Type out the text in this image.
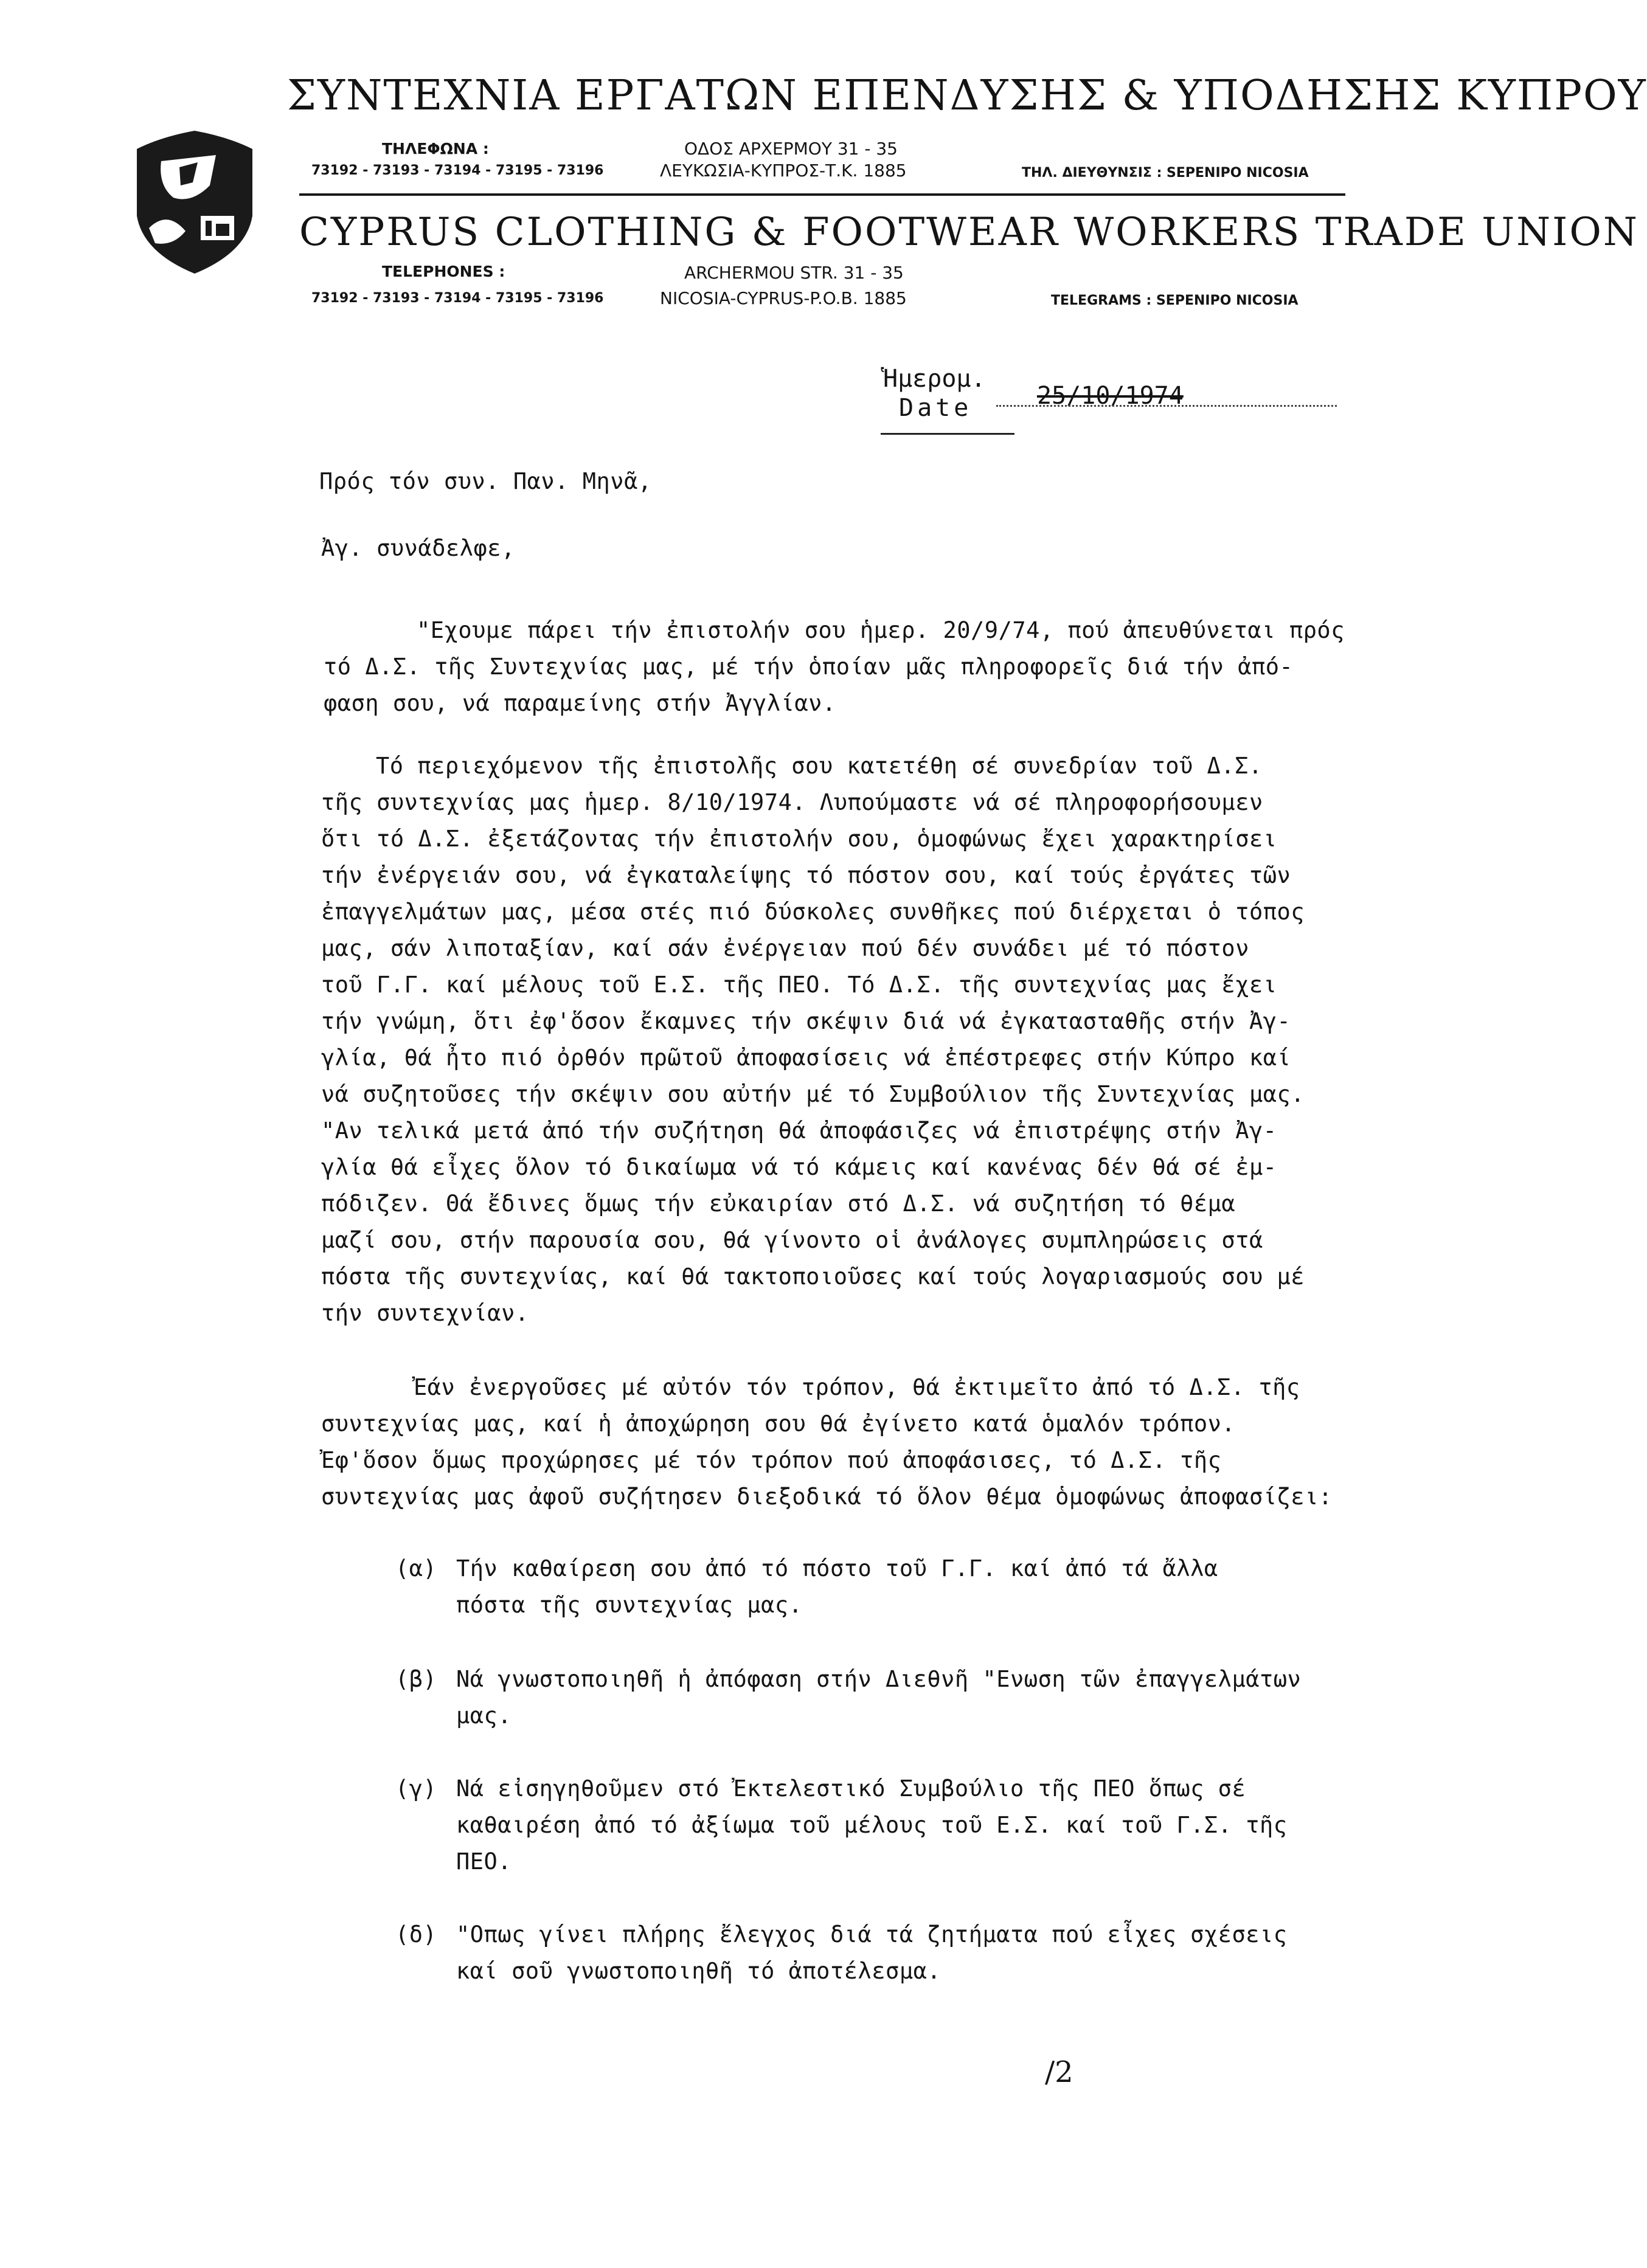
ΣΥΝΤΕΧΝΙΑ ΕΡΓΑΤΩΝ ΕΠΕΝΔΥΣΗΣ & ΥΠΟΔΗΣΗΣ ΚΥΠΡΟΥ
ΤΗΛΕΦΩΝΑ :
73192 - 73193 - 73194 - 73195 - 73196
ΟΔΟΣ ΑΡΧΕΡΜΟΥ 31 - 35
ΛΕΥΚΩΣΙΑ-ΚΥΠΡΟΣ-Τ.Κ. 1885	ΤΗΛ. ΔΙΕΥΘΥΝΣΙΣ : SEPENIPO NICOSIA
CYPRUS CLOTHING & FOOTWEAR WORKERS TRADE UNION
TELEPHONES :
73192 - 73193 - 73194 - 73195 - 73196
ARCHERMOU STR. 31 - 35
NICOSIA-CYPRUS-P.O.B. 1885	TELEGRAMS : SEPENIPO NICOSIA
Ἡμερομ.
Date	25/10/1974
Πρός τόν συν. Παν. Μηνᾶ,
Ἀγ. συνάδελφε,
"Εχουμε πάρει τήν ἐπιστολήν σου ἡμερ. 20/9/74, πού ἀπευθύνεται πρός
τό Δ.Σ. τῆς Συντεχνίας μας, μέ τήν ὁποίαν μᾶς πληροφορεῖς διά τήν ἀπό-
φαση σου, νά παραμείνης στήν Ἀγγλίαν.
Τό περιεχόμενον τῆς ἐπιστολῆς σου κατετέθη σέ συνεδρίαν τοῦ Δ.Σ.
τῆς συντεχνίας μας ἡμερ. 8/10/1974. Λυπούμαστε νά σέ πληροφορήσουμεν
ὅτι τό Δ.Σ. ἐξετάζοντας τήν ἐπιστολήν σου, ὁμοφώνως ἔχει χαρακτηρίσει
τήν ἐνέργειάν σου, νά ἐγκαταλείψης τό πόστον σου, καί τούς ἐργάτες τῶν
ἐπαγγελμάτων μας, μέσα στές πιό δύσκολες συνθῆκες πού διέρχεται ὁ τόπος
μας, σάν λιποταξίαν, καί σάν ἐνέργειαν πού δέν συνάδει μέ τό πόστον
τοῦ Γ.Γ. καί μέλους τοῦ Ε.Σ. τῆς ΠΕΟ. Τό Δ.Σ. τῆς συντεχνίας μας ἔχει
τήν γνώμη, ὅτι ἐφ'ὅσον ἔκαμνες τήν σκέψιν διά νά ἐγκατασταθῆς στήν Ἀγ-
γλία, θά ἦτο πιό ὀρθόν πρῶτοῦ ἀποφασίσεις νά ἐπέστρεφες στήν Κύπρο καί
νά συζητοῦσες τήν σκέψιν σου αὐτήν μέ τό Συμβούλιον τῆς Συντεχνίας μας.
"Αν τελικά μετά ἀπό τήν συζήτηση θά ἀποφάσιζες νά ἐπιστρέψης στήν Ἀγ-
γλία θά εἶχες ὅλον τό δικαίωμα νά τό κάμεις καί κανένας δέν θά σέ ἐμ-
πόδιζεν. Θά ἔδινες ὅμως τήν εὐκαιρίαν στό Δ.Σ. νά συζητήση τό θέμα
μαζί σου, στήν παρουσία σου, θά γίνοντο οἱ ἀνάλογες συμπληρώσεις στά
πόστα τῆς συντεχνίας, καί θά τακτοποιοῦσες καί τούς λογαριασμούς σου μέ
τήν συντεχνίαν.
Ἐάν ἐνεργοῦσες μέ αὐτόν τόν τρόπον, θά ἐκτιμεῖτο ἀπό τό Δ.Σ. τῆς
συντεχνίας μας, καί ἡ ἀποχώρηση σου θά ἐγίνετο κατά ὁμαλόν τρόπον.
Ἐφ'ὅσον ὅμως προχώρησες μέ τόν τρόπον πού ἀποφάσισες, τό Δ.Σ. τῆς
συντεχνίας μας ἀφοῦ συζήτησεν διεξοδικά τό ὅλον θέμα ὁμοφώνως ἀποφασίζει:
(α) Τήν καθαίρεση σου ἀπό τό πόστο τοῦ Γ.Γ. καί ἀπό τά ἄλλα
πόστα τῆς συντεχνίας μας.
(β) Νά γνωστοποιηθῆ ἡ ἀπόφαση στήν Διεθνῆ "Ενωση τῶν ἐπαγγελμάτων
μας.
(γ) Νά εἰσηγηθοῦμεν στό Ἐκτελεστικό Συμβούλιο τῆς ΠΕΟ ὅπως σέ
καθαιρέση ἀπό τό ἀξίωμα τοῦ μέλους τοῦ Ε.Σ. καί τοῦ Γ.Σ. τῆς
ΠΕΟ.
(δ) "Οπως γίνει πλήρης ἔλεγχος διά τά ζητήματα πού εἶχες σχέσεις
καί σοῦ γνωστοποιηθῆ τό ἀποτέλεσμα.
/2
